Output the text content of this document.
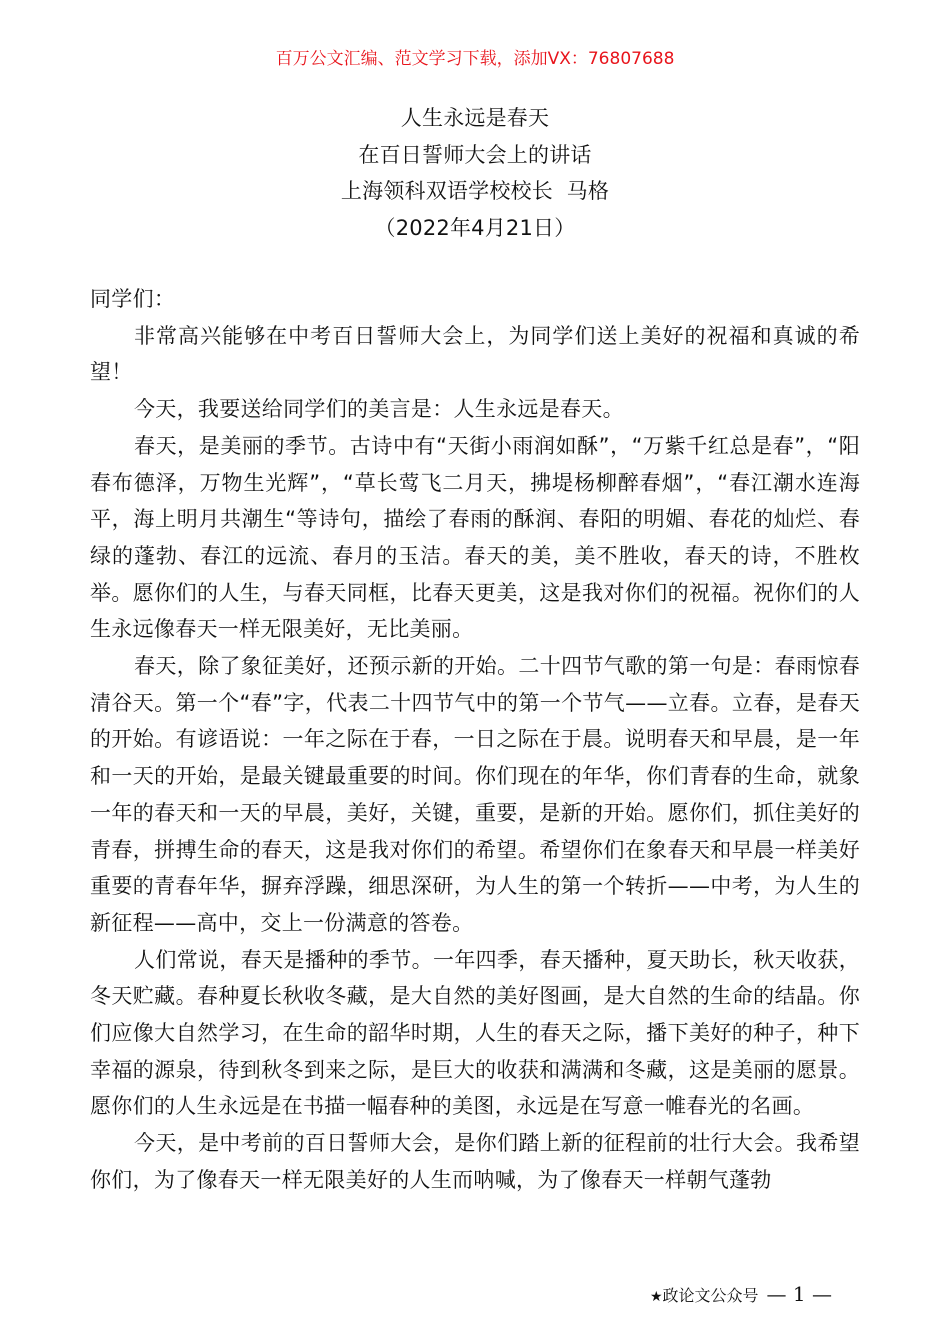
百万公文汇编、范文学习下载，添加VX：76807688
人生永远是春天
在百日誓师大会上的讲话
上海领科双语学校校长  马格
（2022年4月21日）

同学们：

非常高兴能够在中考百日誓师大会上，为同学们送上美好的祝福和真诚的希望！

今天，我要送给同学们的美言是：人生永远是春天。

春天，是美丽的季节。古诗中有“天街小雨润如酥”，“万紫千红总是春”，“阳春布德泽，万物生光辉”，“草长莺飞二月天，拂堤杨柳醉春烟”，“春江潮水连海平，海上明月共潮生“等诗句，描绘了春雨的酥润、春阳的明媚、春花的灿烂、春绿的蓬勃、春江的远流、春月的玉洁。春天的美，美不胜收，春天的诗，不胜枚举。愿你们的人生，与春天同框，比春天更美，这是我对你们的祝福。祝你们的人生永远像春天一样无限美好，无比美丽。

春天，除了象征美好，还预示新的开始。二十四节气歌的第一句是：春雨惊春清谷天。第一个“春”字，代表二十四节气中的第一个节气——立春。立春，是春天的开始。有谚语说：一年之际在于春，一日之际在于晨。说明春天和早晨，是一年和一天的开始，是最关键最重要的时间。你们现在的年华，你们青春的生命，就象一年的春天和一天的早晨，美好，关键，重要，是新的开始。愿你们，抓住美好的青春，拼搏生命的春天，这是我对你们的希望。希望你们在象春天和早晨一样美好重要的青春年华，摒弃浮躁，细思深研，为人生的第一个转折——中考，为人生的新征程——高中，交上一份满意的答卷。

人们常说，春天是播种的季节。一年四季，春天播种，夏天助长，秋天收获，冬天贮藏。春种夏长秋收冬藏，是大自然的美好图画，是大自然的生命的结晶。你们应像大自然学习，在生命的韶华时期，人生的春天之际，播下美好的种子，种下幸福的源泉，待到秋冬到来之际，是巨大的收获和满满和冬藏，这是美丽的愿景。愿你们的人生永远是在书描一幅春种的美图，永远是在写意一帷春光的名画。

今天，是中考前的百日誓师大会，是你们踏上新的征程前的壮行大会。我希望你们，为了像春天一样无限美好的人生而呐喊，为了像春天一样朝气蓬勃

★政论文公众号 — 1 —
